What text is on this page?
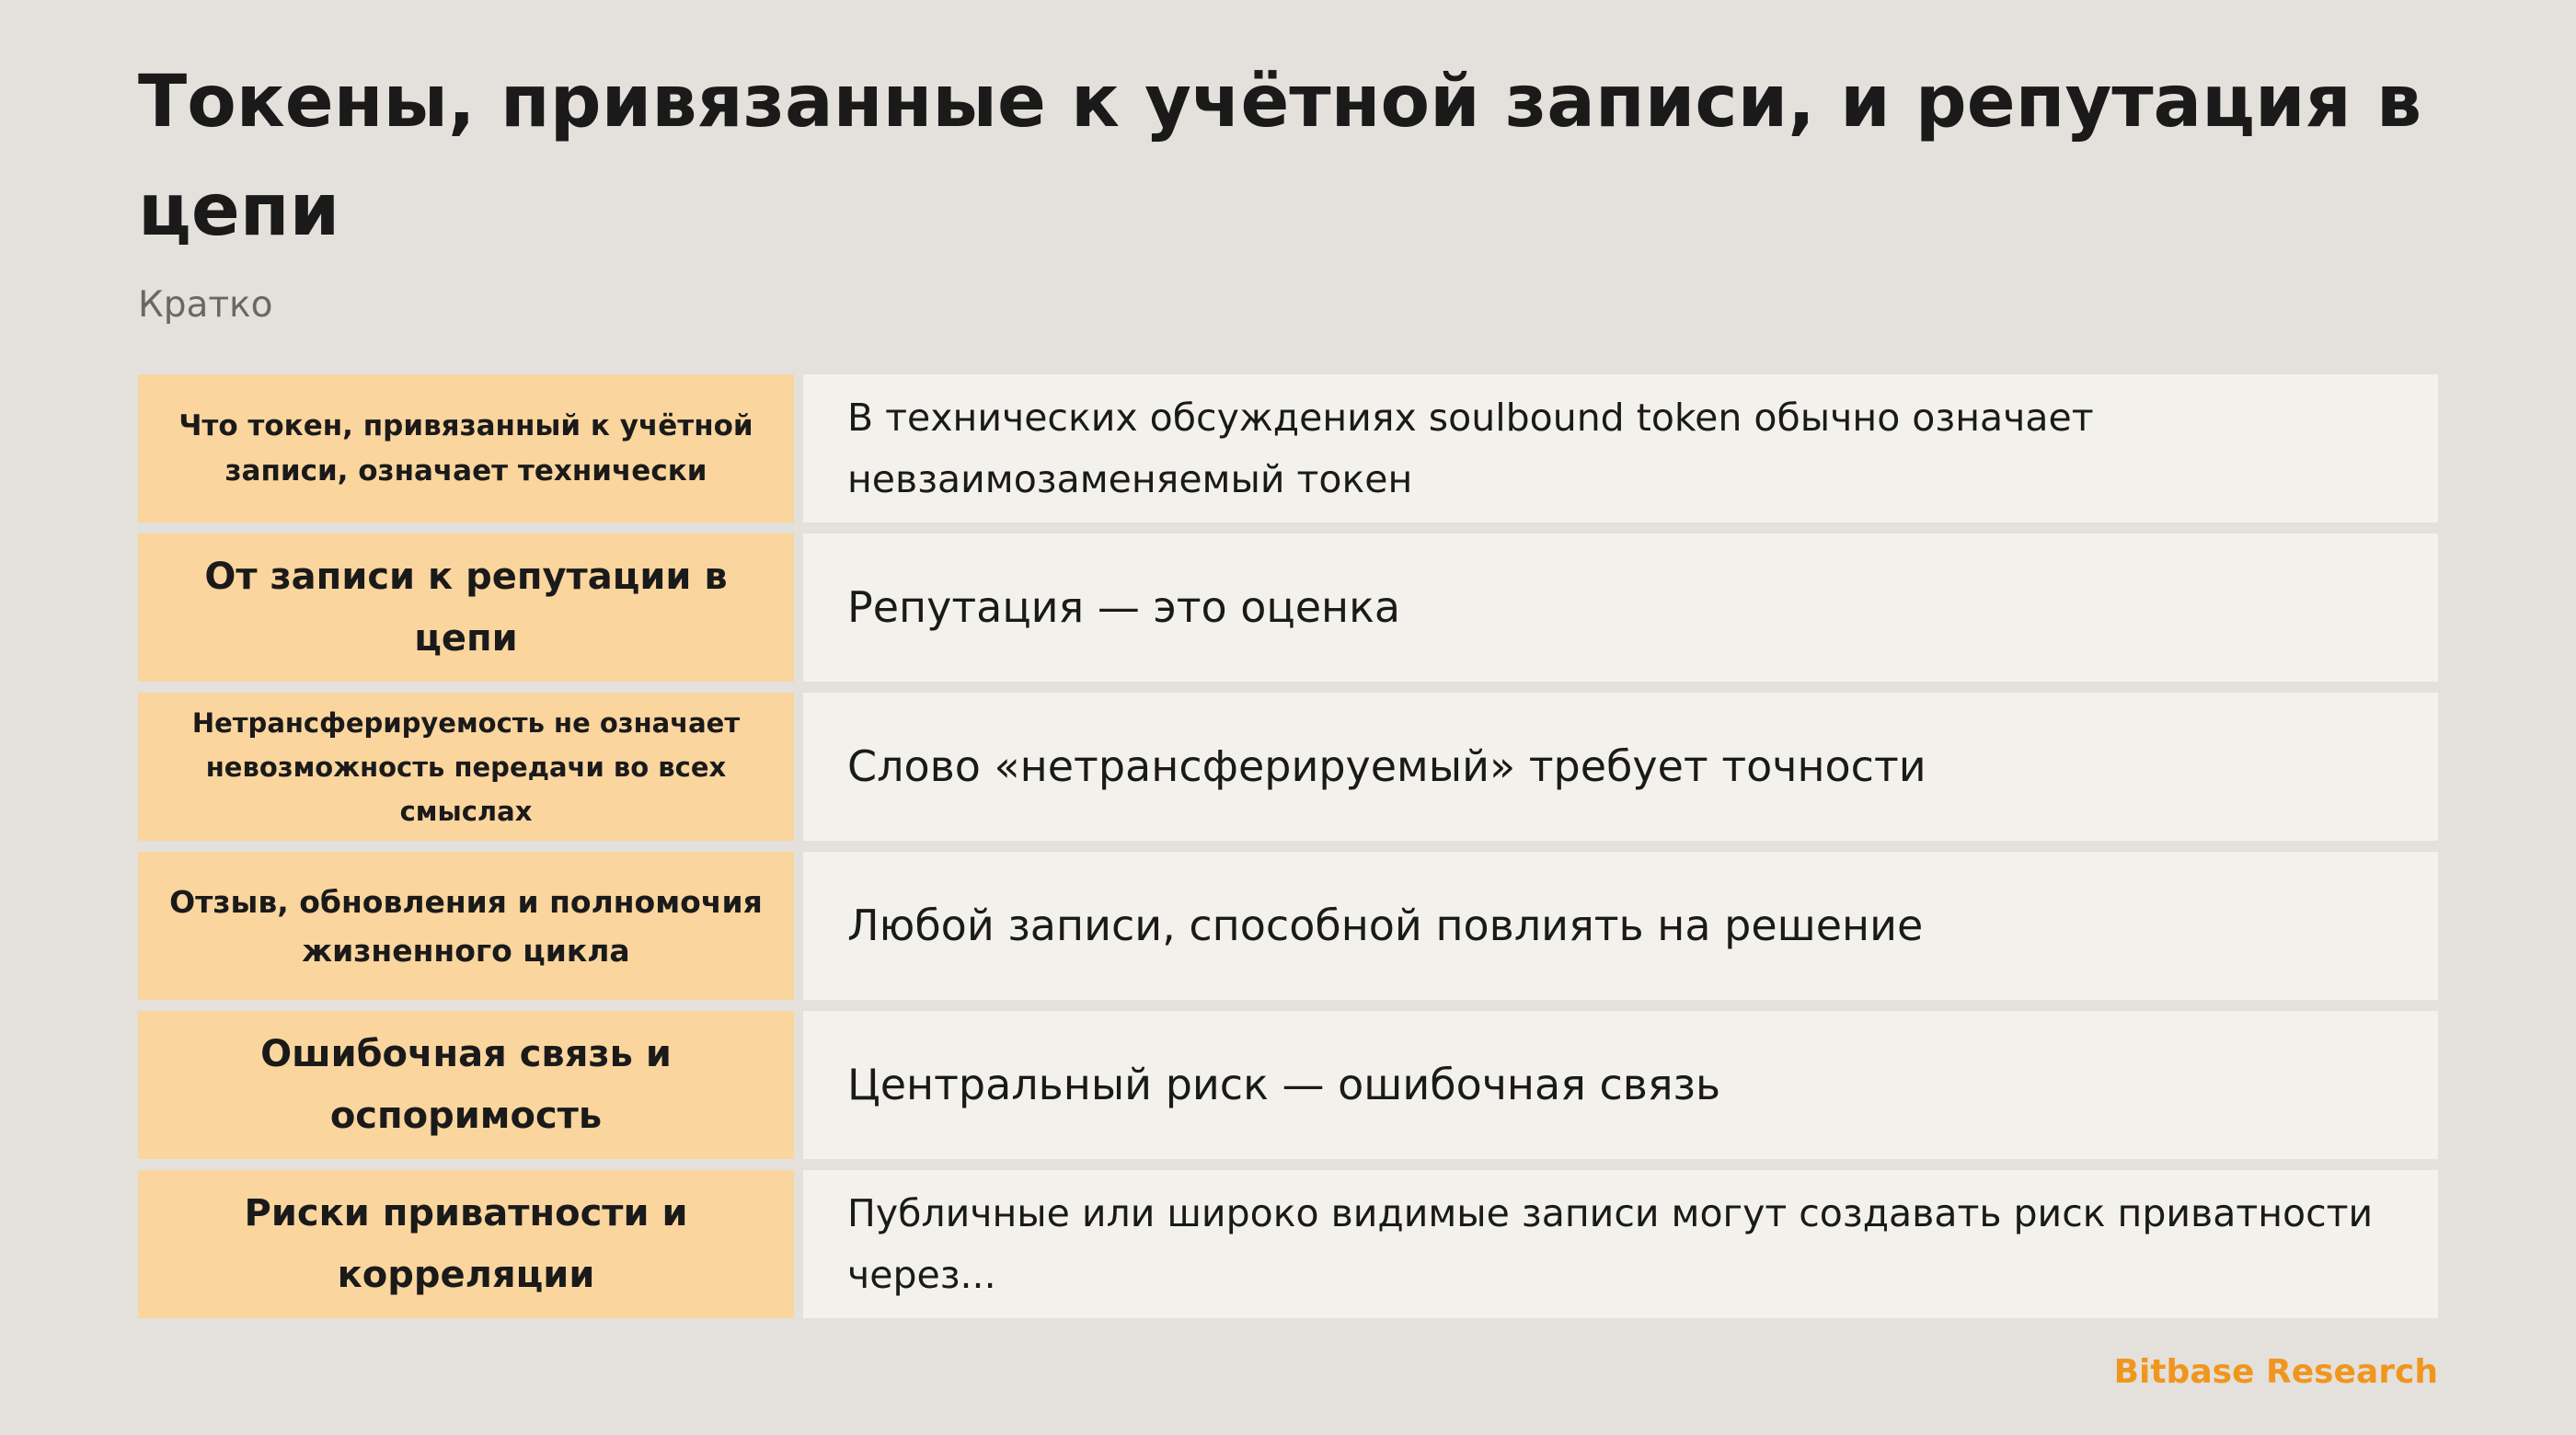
Токены, привязанные к учётной записи, и репутация в цепи
Кратко
Что токен, привязанный к учётной записи, означает технически
В технических обсуждениях soulbound token обычно означает невзаимозаменяемый токен
От записи к репутации в цепи
Репутация — это оценка
Нетрансферируемость не означает невозможность передачи во всех смыслах
Слово «нетрансферируемый» требует точности
Отзыв, обновления и полномочия жизненного цикла	Любой записи, способной повлиять на решение
Ошибочная связь и оспоримость
Центральный риск — ошибочная связь
Риски приватности и корреляции
Публичные или широко видимые записи могут создавать риск приватности через...
Bitbase Research
